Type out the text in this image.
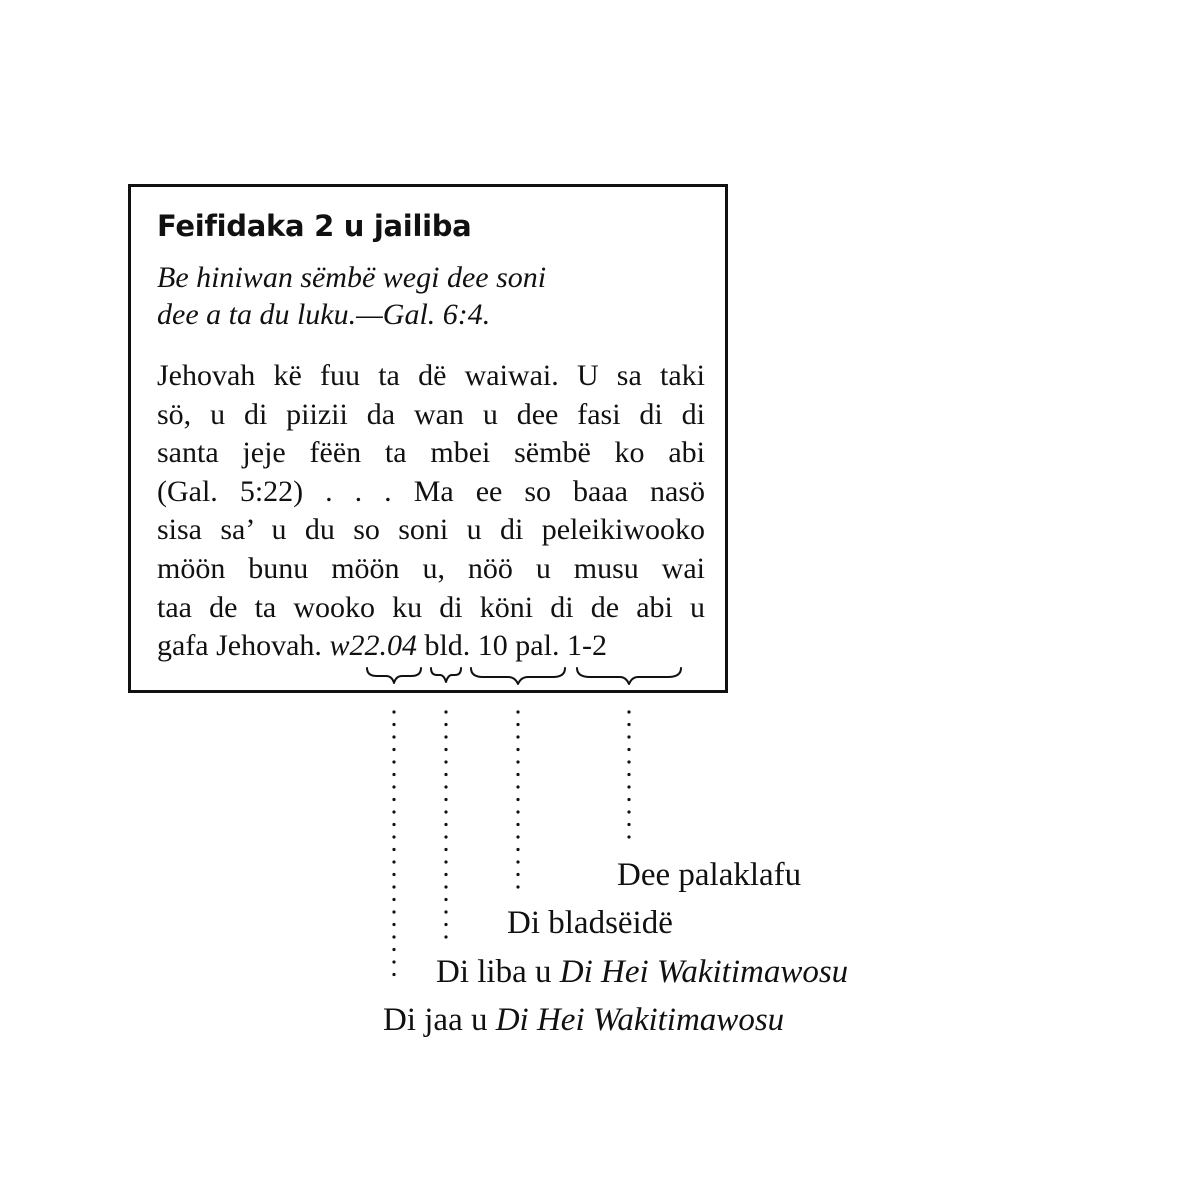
Feifidaka 2 u jailiba
Be hiniwan sëmbë wegi dee soni
dee a ta du luku.—Gal. 6:4.
Jehovah kë fuu ta dë waiwai. U sa taki
sö, u di piizii da wan u dee fasi di di
santa jeje fëën ta mbei sëmbë ko abi
(Gal. 5:22) . . . Ma ee so baaa nasö
sisa sa’ u du so soni u di peleikiwooko
möön bunu möön u, nöö u musu wai
taa de ta wooko ku di köni di de abi u
gafa Jehovah. w22.04 bld. 10 pal. 1-2
Dee palaklafu
Di bladsëidë
Di liba u Di Hei Wakitimawosu
Di jaa u Di Hei Wakitimawosu
